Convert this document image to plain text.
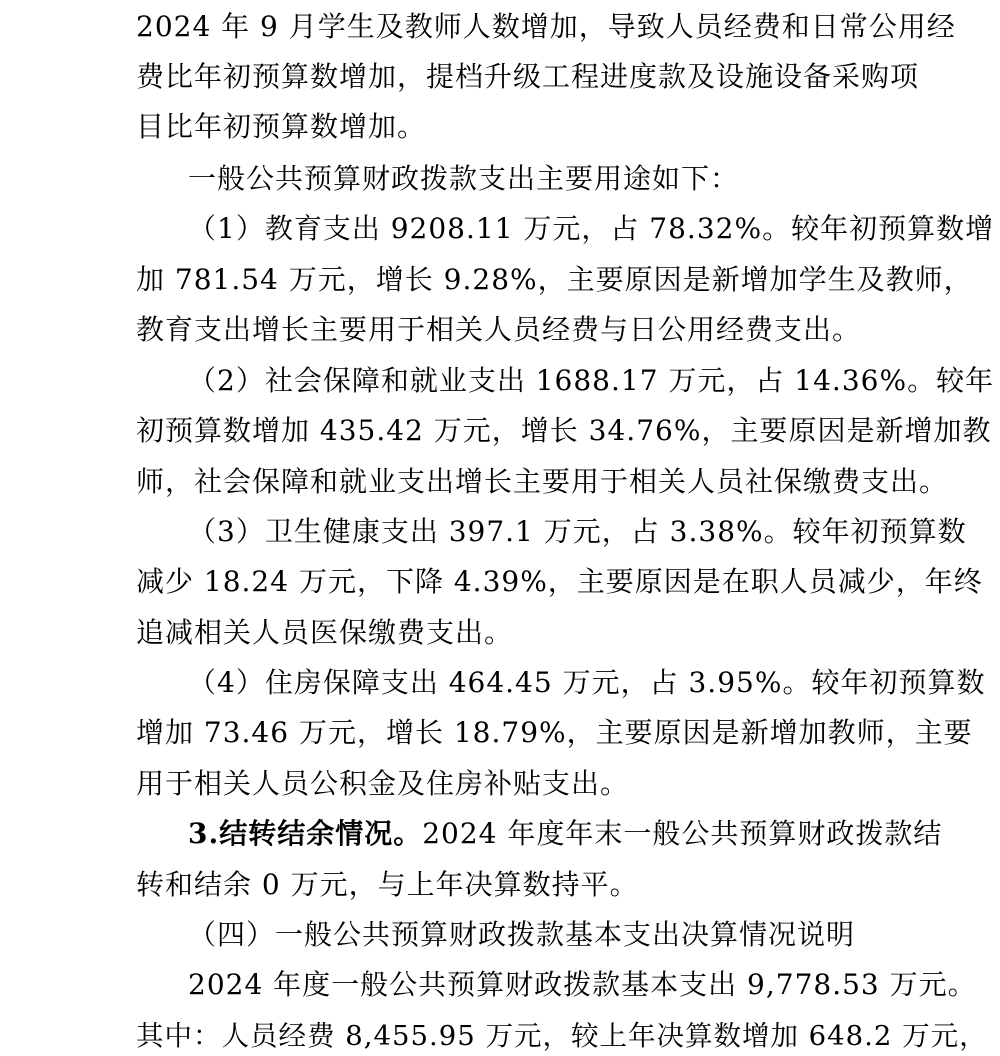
2024 年 9 月学生及教师人数增加，导致人员经费和日常公用经
费比年初预算数增加，提档升级工程进度款及设施设备采购项
目比年初预算数增加。
一般公共预算财政拨款支出主要用途如下：
（1）教育支出 9208.11 万元，占 78.32%。较年初预算数增
加 781.54 万元，增长 9.28%，主要原因是新增加学生及教师，
教育支出增长主要用于相关人员经费与日公用经费支出。
（2）社会保障和就业支出 1688.17 万元，占 14.36%。较年
初预算数增加 435.42 万元，增长 34.76%，主要原因是新增加教
师，社会保障和就业支出增长主要用于相关人员社保缴费支出。
（3）卫生健康支出 397.1 万元，占 3.38%。较年初预算数
减少 18.24 万元，下降 4.39%，主要原因是在职人员减少，年终
追减相关人员医保缴费支出。
（4）住房保障支出 464.45 万元，占 3.95%。较年初预算数
增加 73.46 万元，增长 18.79%，主要原因是新增加教师，主要
用于相关人员公积金及住房补贴支出。
3.结转结余情况。2024 年度年末一般公共预算财政拨款结
转和结余 0 万元，与上年决算数持平。
（四）一般公共预算财政拨款基本支出决算情况说明
2024 年度一般公共预算财政拨款基本支出 9,778.53 万元。
其中：人员经费 8,455.95 万元，较上年决算数增加 648.2 万元，
